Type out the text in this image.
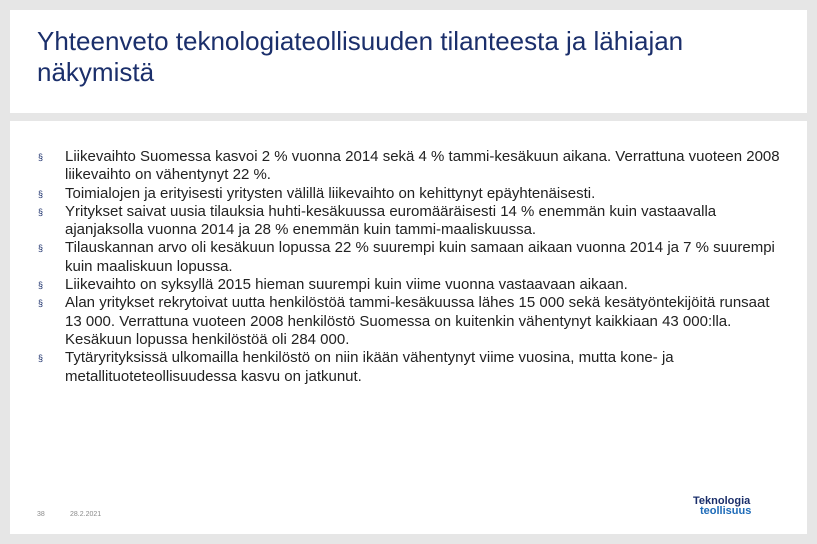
Yhteenveto teknologiateollisuuden tilanteesta ja lähiajan näkymistä
§ Liikevaihto Suomessa kasvoi 2 % vuonna 2014 sekä 4 % tammi-kesäkuun aikana. Verrattuna vuoteen 2008 liikevaihto on vähentynyt 22 %.
§ Toimialojen ja erityisesti yritysten välillä liikevaihto on kehittynyt epäyhtenäisesti.
§ Yritykset saivat uusia tilauksia huhti-kesäkuussa euromääräisesti 14 % enemmän kuin vastaavalla ajanjaksolla vuonna 2014 ja 28 % enemmän kuin tammi-maaliskuussa.
§ Tilauskannan arvo oli kesäkuun lopussa 22 % suurempi kuin samaan aikaan vuonna 2014 ja 7 % suurempi kuin maaliskuun lopussa.
§ Liikevaihto on syksyllä 2015 hieman suurempi kuin viime vuonna vastaavaan aikaan.
§ Alan yritykset rekrytoivat uutta henkilöstöä tammi-kesäkuussa lähes 15 000 sekä kesätyöntekijöitä runsaat 13 000. Verrattuna vuoteen 2008 henkilöstö Suomessa on kuitenkin vähentynyt kaikkiaan 43 000:lla. Kesäkuun lopussa henkilöstöä oli 284 000.
§ Tytäryrityksissä ulkomailla henkilöstö on niin ikään vähentynyt viime vuosina, mutta kone- ja metallituoteteollisuudessa kasvu on jatkunut.
38	28.2.2021
Teknologia
teollisuus
